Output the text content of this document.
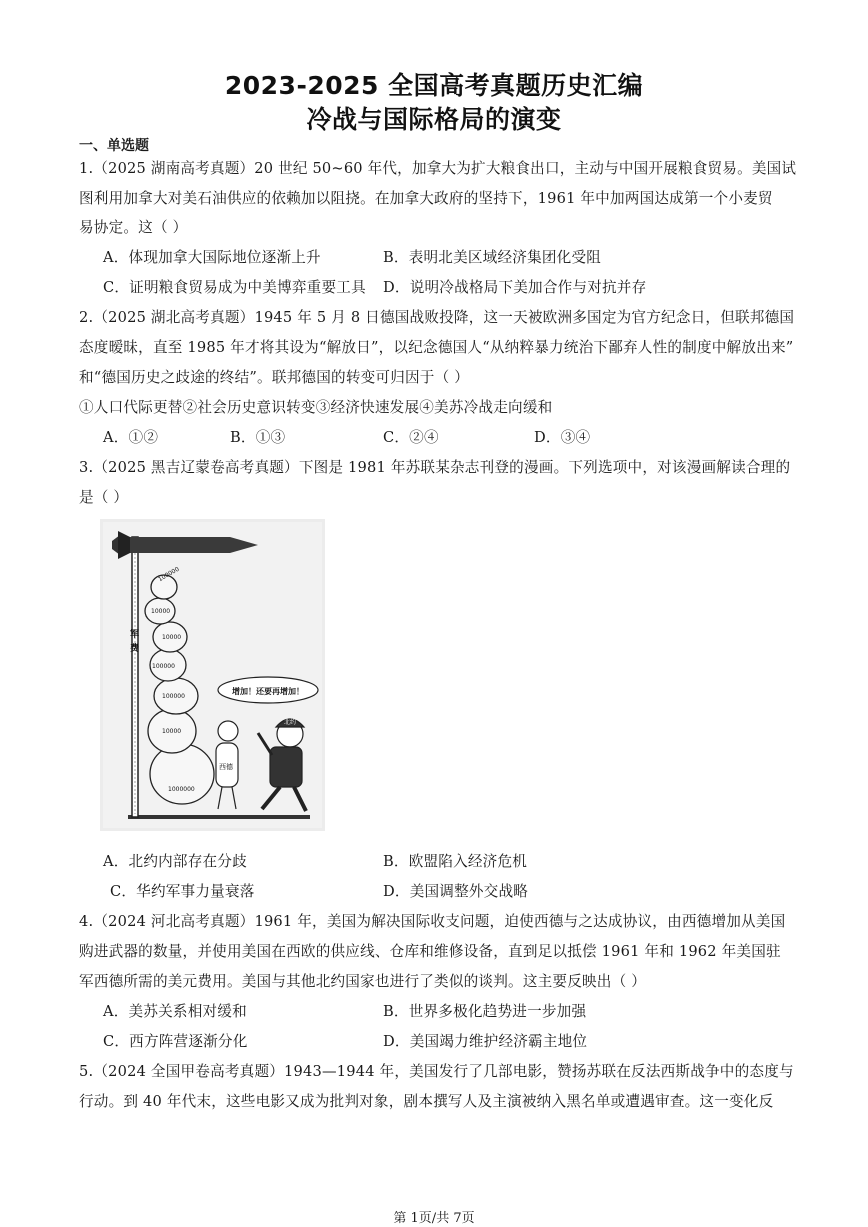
2023-2025 全国高考真题历史汇编
冷战与国际格局的演变
一、单选题
1.（2025 湖南高考真题）20 世纪 50~60 年代，加拿大为扩大粮食出口，主动与中国开展粮食贸易。美国试
图利用加拿大对美石油供应的依赖加以阻挠。在加拿大政府的坚持下，1961 年中加两国达成第一个小麦贸
易协定。这（ ）
A．体现加拿大国际地位逐渐上升	B．表明北美区域经济集团化受阻
C．证明粮食贸易成为中美博弈重要工具 D．说明冷战格局下美加合作与对抗并存
2.（2025 湖北高考真题）1945 年 5 月 8 日德国战败投降，这一天被欧洲多国定为官方纪念日，但联邦德国
态度暧昧，直至 1985 年才将其设为“解放日”，以纪念德国人“从纳粹暴力统治下鄙弃人性的制度中解放出来”
和“德国历史之歧途的终结”。联邦德国的转变可归因于（ ）
①人口代际更替②社会历史意识转变③经济快速发展④美苏冷战走向缓和
A．①②	B．①③	C．②④	D．③④
3.（2025 黑吉辽蒙卷高考真题）下图是 1981 年苏联某杂志刊登的漫画。下列选项中，对该漫画解读合理的
是（ ）
军
费
100000
10000
10000
100000
100000
10000
1000000
增加！还要再增加！
西德
北约
A．北约内部存在分歧	B．欧盟陷入经济危机
C．华约军事力量衰落	D．美国调整外交战略
4.（2024 河北高考真题）1961 年，美国为解决国际收支问题，迫使西德与之达成协议，由西德增加从美国
购进武器的数量，并使用美国在西欧的供应线、仓库和维修设备，直到足以抵偿 1961 年和 1962 年美国驻
军西德所需的美元费用。美国与其他北约国家也进行了类似的谈判。这主要反映出（ ）
A．美苏关系相对缓和	B．世界多极化趋势进一步加强
C．西方阵营逐渐分化	D．美国竭力维护经济霸主地位
5.（2024 全国甲卷高考真题）1943—1944 年，美国发行了几部电影，赞扬苏联在反法西斯战争中的态度与
行动。到 40 年代末，这些电影又成为批判对象，剧本撰写人及主演被纳入黑名单或遭遇审查。这一变化反
第 1页/共 7页
